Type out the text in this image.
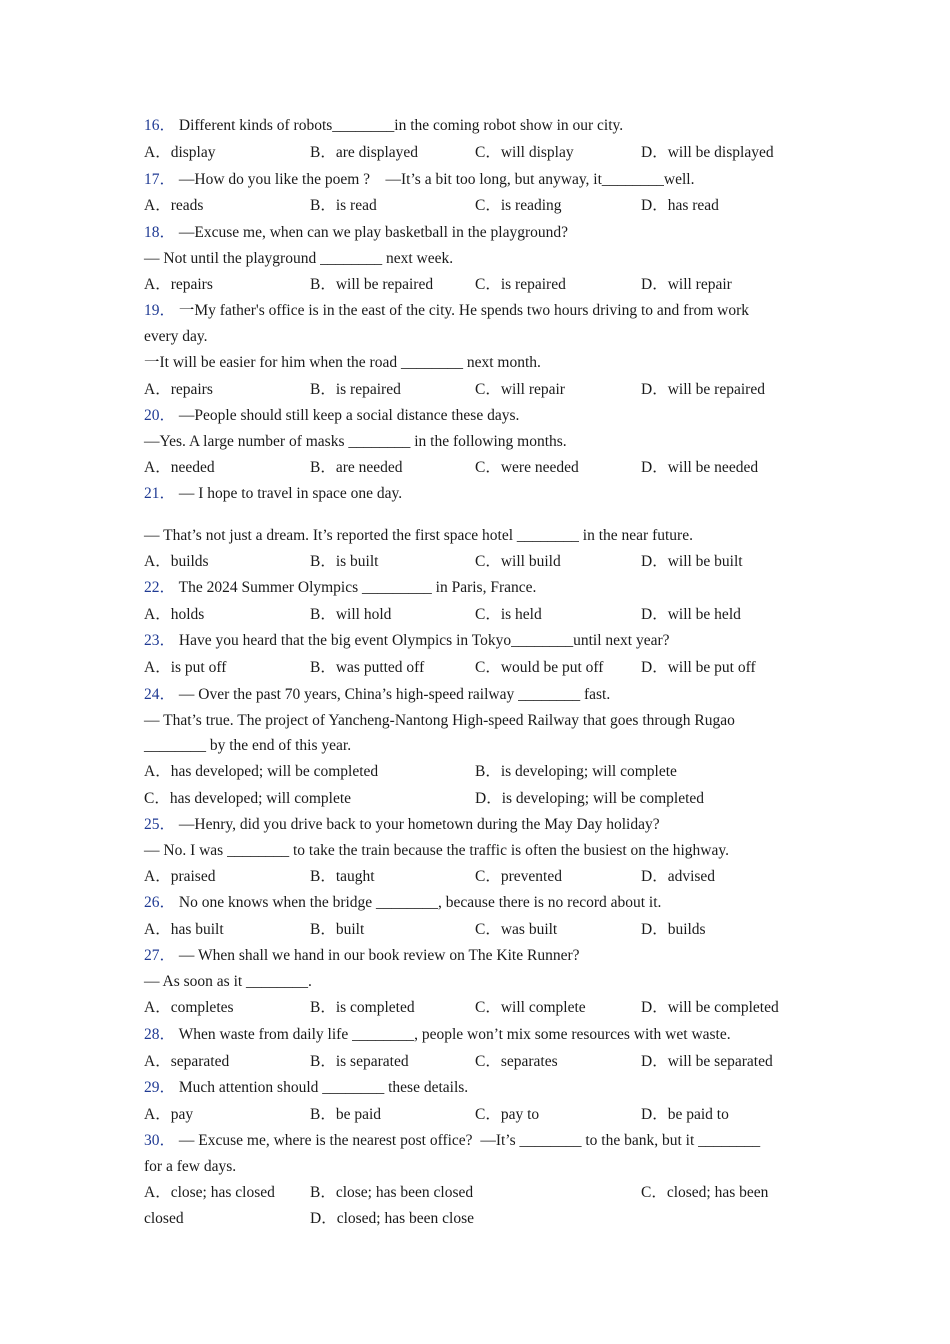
16． Different kinds of robots________in the coming robot show in our city.
A．display	B．are displayed	C．will display	D．will be displayed
17． —How do you like the poem ?    —It’s a bit too long, but anyway, it________well.
A．reads	B．is read	C．is reading	D．has read
18． —Excuse me, when can we play basketball in the playground?
— Not until the playground ________ next week.
A．repairs	B．will be repaired	C．is repaired	D．will repair
19． 一My father's office is in the east of the city. He spends two hours driving to and from work
every day.
一It will be easier for him when the road ________ next month.
A．repairs	B．is repaired	C．will repair	D．will be repaired
20． —People should still keep a social distance these days.
—Yes. A large number of masks ________ in the following months.
A．needed	B．are needed	C．were needed	D．will be needed
21． — I hope to travel in space one day.
— That’s not just a dream. It’s reported the first space hotel ________ in the near future.
A．builds	B．is built	C．will build	D．will be built
22． The 2024 Summer Olympics _________ in Paris, France.
A．holds	B．will hold	C．is held	D．will be held
23． Have you heard that the big event Olympics in Tokyo________until next year?
A．is put off	B．was putted off	C．would be put off D．will be put off
24． — Over the past 70 years, China’s high-speed railway ________ fast.
— That’s true. The project of Yancheng-Nantong High-speed Railway that goes through Rugao
________ by the end of this year.
A．has developed; will be completed	B．is developing; will complete
C．has developed; will complete	D．is developing; will be completed
25． —Henry, did you drive back to your hometown during the May Day holiday?
— No. I was ________ to take the train because the traffic is often the busiest on the highway.
A．praised	B．taught	C．prevented	D．advised
26． No one knows when the bridge ________, because there is no record about it.
A．has built	B．built	C．was built	D．builds
27． — When shall we hand in our book review on The Kite Runner?
— As soon as it ________.
A．completes	B．is completed	C．will complete	D．will be completed
28． When waste from daily life ________, people won’t mix some resources with wet waste.
A．separated	B．is separated	C．separates	D．will be separated
29． Much attention should ________ these details.
A．pay	B．be paid	C．pay to	D．be paid to
30． — Excuse me, where is the nearest post office?  —It’s ________ to the bank, but it ________
for a few days.
A．close; has closed B．close; has been closed	C．closed; has been
closed	D．closed; has been close
